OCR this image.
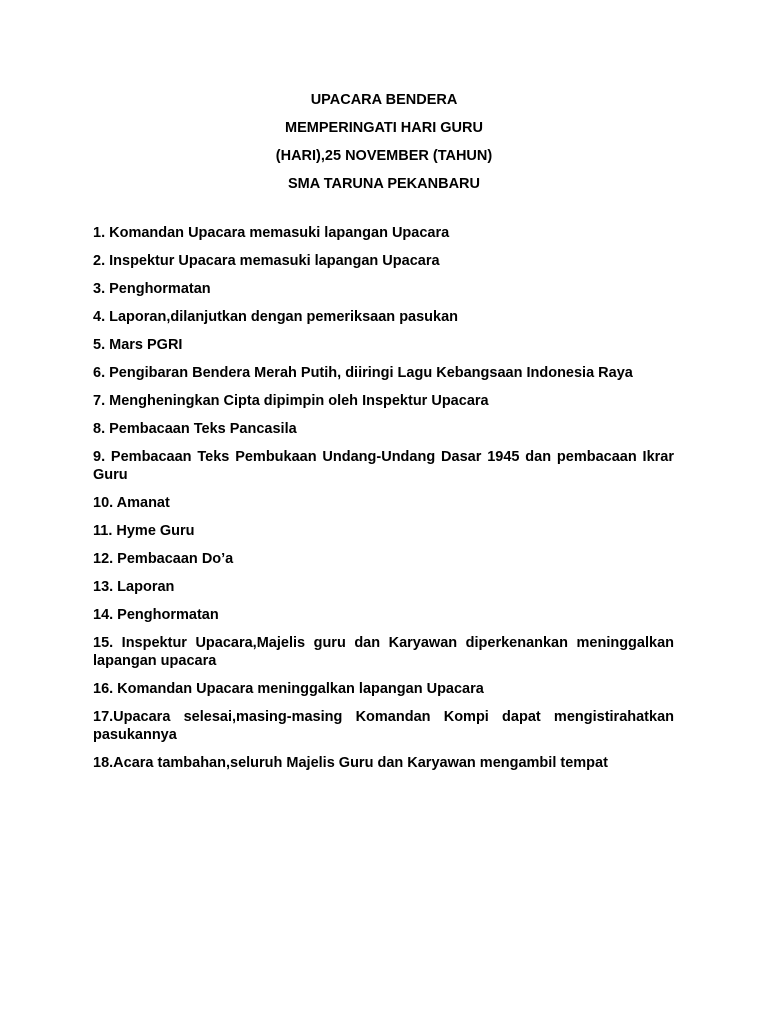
UPACARA BENDERA
MEMPERINGATI HARI GURU
(HARI),25 NOVEMBER (TAHUN)
SMA TARUNA PEKANBARU
1. Komandan Upacara memasuki lapangan Upacara
2. Inspektur Upacara memasuki lapangan Upacara
3. Penghormatan
4. Laporan,dilanjutkan dengan pemeriksaan pasukan
5. Mars PGRI
6. Pengibaran Bendera Merah Putih, diiringi Lagu Kebangsaan Indonesia Raya
7. Mengheningkan Cipta dipimpin oleh Inspektur Upacara
8. Pembacaan Teks Pancasila
9. Pembacaan Teks Pembukaan Undang-Undang Dasar 1945 dan pembacaan Ikrar Guru
10. Amanat
11. Hyme Guru
12. Pembacaan Do’a
13. Laporan
14. Penghormatan
15. Inspektur Upacara,Majelis guru dan Karyawan diperkenankan meninggalkan lapangan upacara
16. Komandan Upacara meninggalkan lapangan Upacara
17.Upacara selesai,masing-masing Komandan Kompi dapat mengistirahatkan pasukannya
18.Acara tambahan,seluruh Majelis Guru dan Karyawan mengambil tempat
